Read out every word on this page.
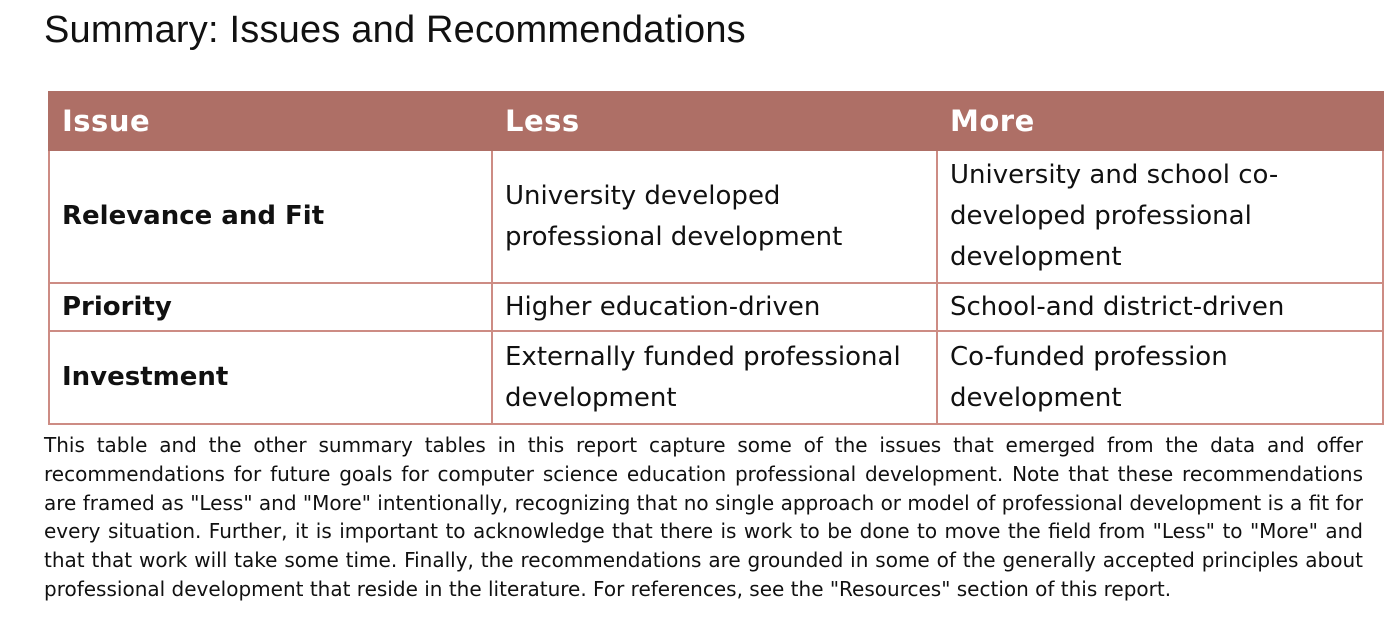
Summary: Issues and Recommendations
Issue	Less	More
Relevance and Fit	University developed professional development	University and school co-developed professional development
Priority	Higher education-driven	School-and district-driven
Investment	Externally funded professional development	Co-funded profession development

This table and the other summary tables in this report capture some of the issues that emerged from the data and offer recommendations for future goals for computer science education professional development. Note that these recommendations are framed as "Less" and "More" intentionally, recognizing that no single approach or model of professional development is a fit for every situation. Further, it is important to acknowledge that there is work to be done to move the field from "Less" to "More" and that that work will take some time. Finally, the recommendations are grounded in some of the generally accepted principles about professional development that reside in the literature. For references, see the "Resources" section of this report.
